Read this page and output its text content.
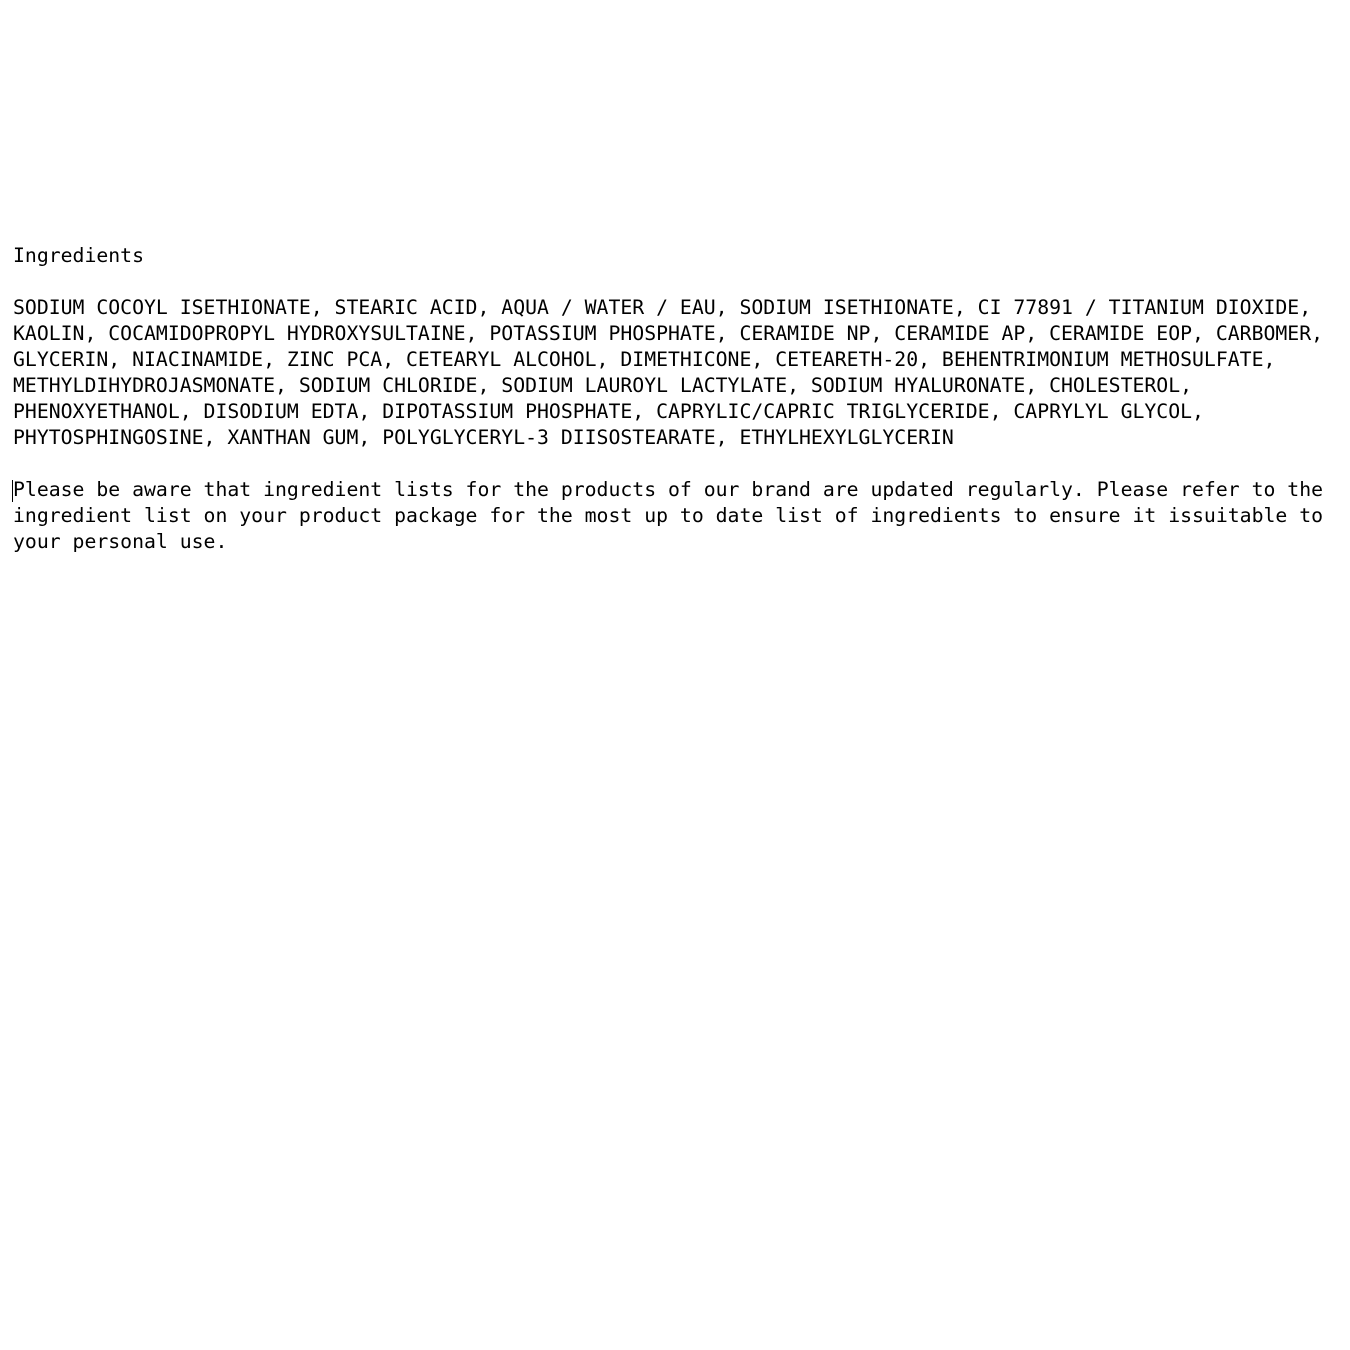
Ingredients
SODIUM COCOYL ISETHIONATE, STEARIC ACID, AQUA / WATER / EAU, SODIUM ISETHIONATE, CI 77891 / TITANIUM DIOXIDE,
KAOLIN, COCAMIDOPROPYL HYDROXYSULTAINE, POTASSIUM PHOSPHATE, CERAMIDE NP, CERAMIDE AP, CERAMIDE EOP, CARBOMER,
GLYCERIN, NIACINAMIDE, ZINC PCA, CETEARYL ALCOHOL, DIMETHICONE, CETEARETH-20, BEHENTRIMONIUM METHOSULFATE,
METHYLDIHYDROJASMONATE, SODIUM CHLORIDE, SODIUM LAUROYL LACTYLATE, SODIUM HYALURONATE, CHOLESTEROL,
PHENOXYETHANOL, DISODIUM EDTA, DIPOTASSIUM PHOSPHATE, CAPRYLIC/CAPRIC TRIGLYCERIDE, CAPRYLYL GLYCOL,
PHYTOSPHINGOSINE, XANTHAN GUM, POLYGLYCERYL-3 DIISOSTEARATE, ETHYLHEXYLGLYCERIN
Please be aware that ingredient lists for the products of our brand are updated regularly. Please refer to the
ingredient list on your product package for the most up to date list of ingredients to ensure it issuitable to
your personal use.
